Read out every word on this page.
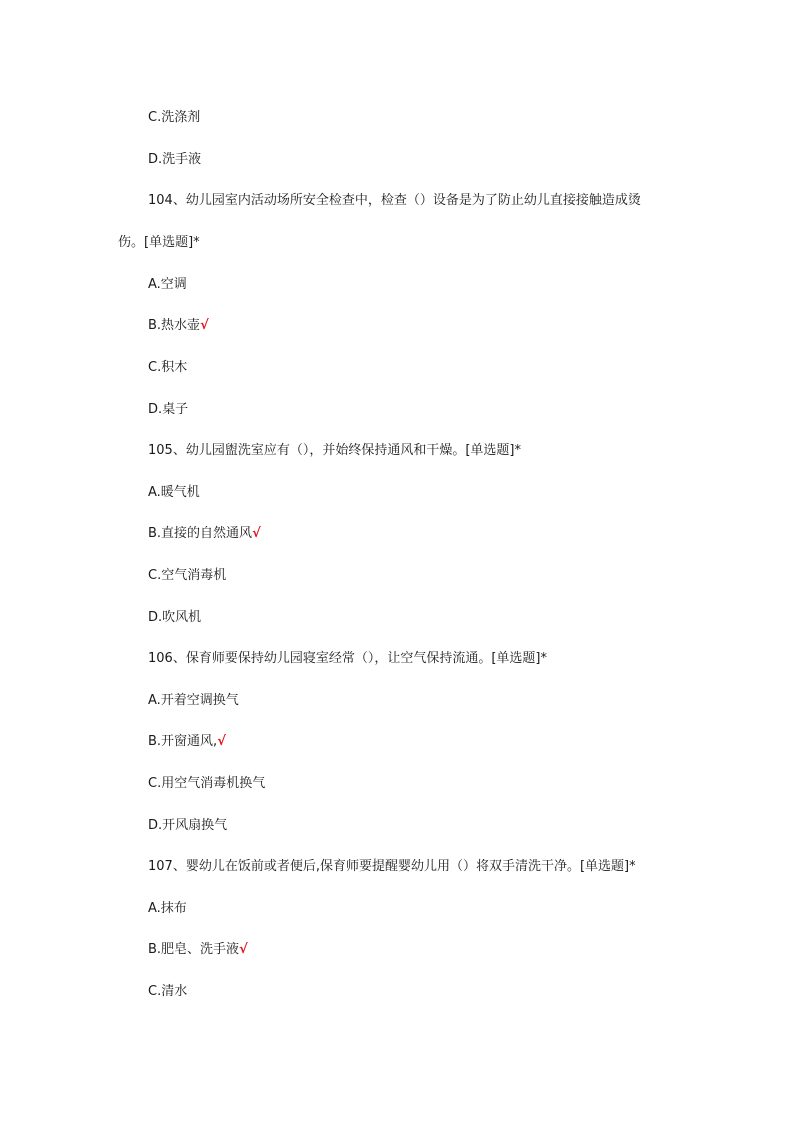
C.洗涤剂
D.洗手液
104、幼儿园室内活动场所安全检查中，检查（）设备是为了防止幼儿直接接触造成烫
伤。[单选题]*
A.空调
B.热水壶√
C.积木
D.桌子
105、幼儿园盥洗室应有（），并始终保持通风和干燥。[单选题]*
A.暖气机
B.直接的自然通风√
C.空气消毒机
D.吹风机
106、保育师要保持幼儿园寝室经常（），让空气保持流通。[单选题]*
A.开着空调换气
B.开窗通风,√
C.用空气消毒机换气
D.开风扇换气
107、婴幼儿在饭前或者便后,保育师要提醒婴幼儿用（）将双手清洗干净。[单选题]*
A.抹布
B.肥皂、洗手液√
C.清水
